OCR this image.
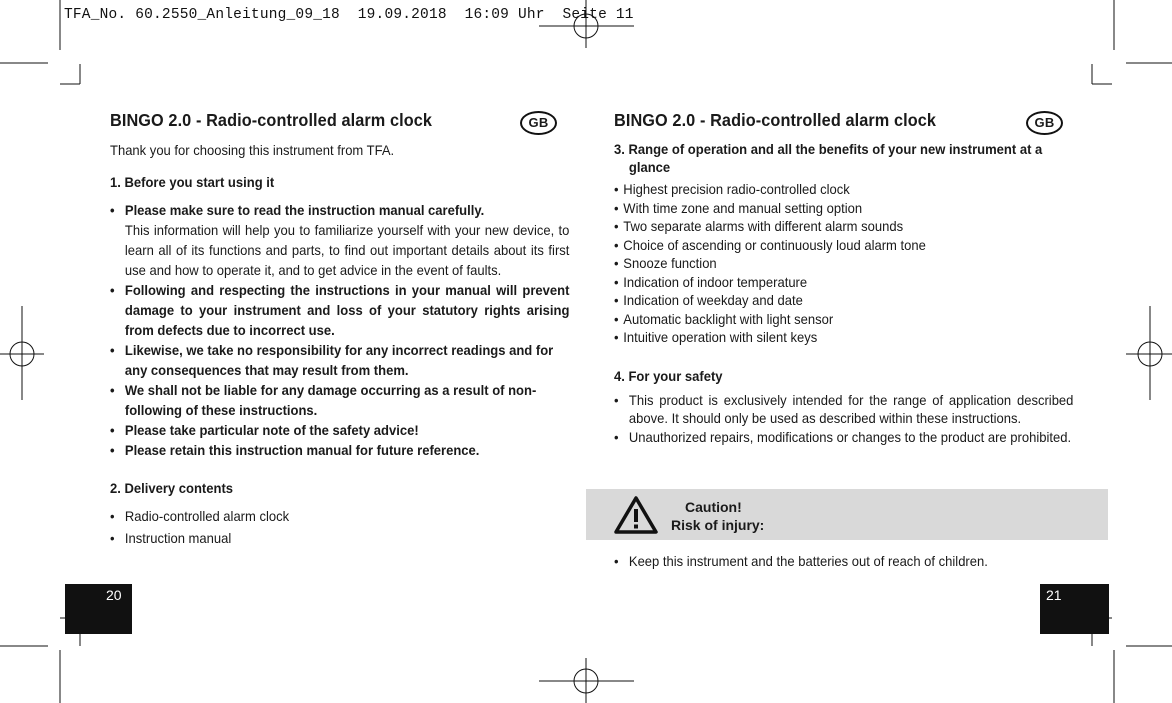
TFA_No. 60.2550_Anleitung_09_18  19.09.2018  16:09 Uhr  Seite 11
BINGO 2.0 - Radio-controlled alarm clock	GB

Thank you for choosing this instrument from TFA.

1. Before you start using it

• Please make sure to read the instruction manual carefully.

This information will help you to familiarize yourself with your new device, to learn all of its functions and parts, to find out important details about its first use and how to operate it, and to get advice in the event of faults.

• Following and respecting the instructions in your manual will prevent damage to your instrument and loss of your statutory rights arising from defects due to incorrect use.

• Likewise, we take no responsibility for any incorrect readings and for any consequences that may result from them.

• We shall not be liable for any damage occurring as a result of non-following of these instructions.

• Please take particular note of the safety advice!

• Please retain this instruction manual for future reference.

2. Delivery contents

• Radio-controlled alarm clock

• Instruction manual

BINGO 2.0 - Radio-controlled alarm clock	GB

3. Range of operation and all the benefits of your new instrument at a glance

• Highest precision radio-controlled clock

• With time zone and manual setting option

• Two separate alarms with different alarm sounds

• Choice of ascending or continuously loud alarm tone

• Snooze function

• Indication of indoor temperature

• Indication of weekday and date

• Automatic backlight with light sensor

• Intuitive operation with silent keys

4. For your safety

• This product is exclusively intended for the range of application described above. It should only be used as described within these instructions.

• Unauthorized repairs, modifications or changes to the product are prohibited.

Caution!
Risk of injury:

• Keep this instrument and the batteries out of reach of children.

20	21
